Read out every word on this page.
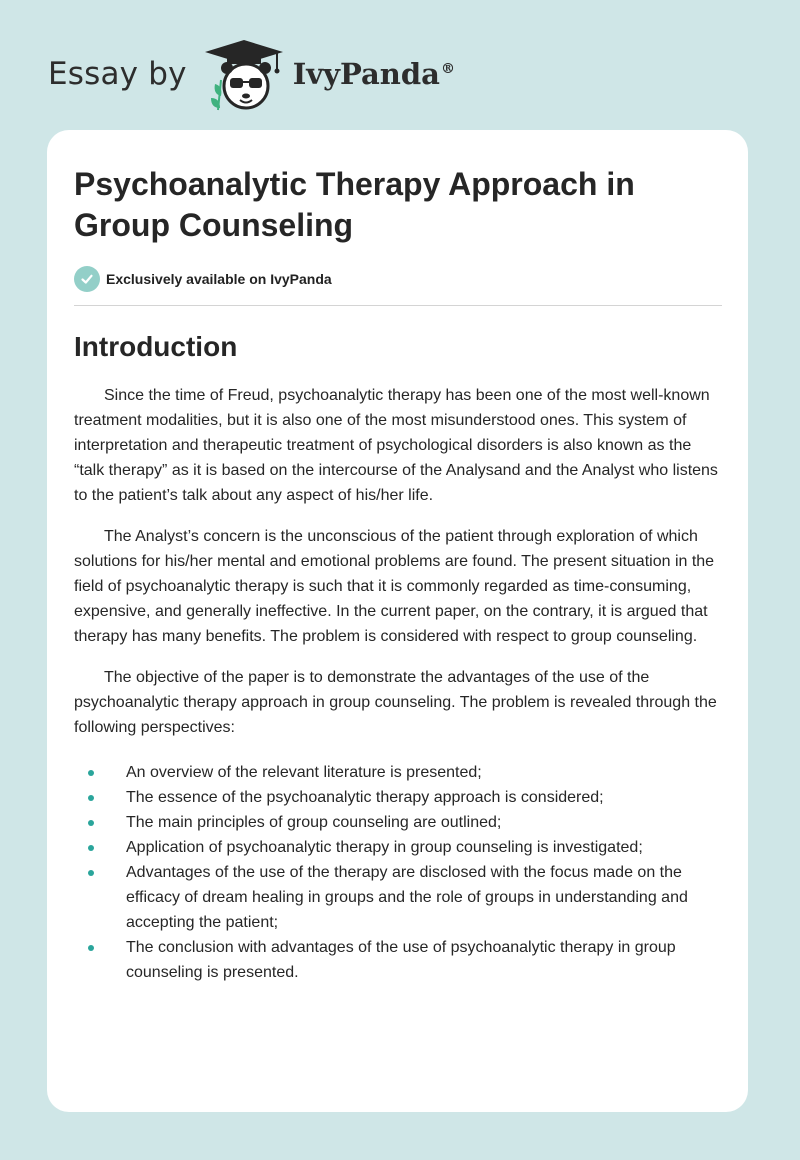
Essay by	IvyPanda®
Psychoanalytic Therapy Approach in Group Counseling
Exclusively available on IvyPanda
Introduction

Since the time of Freud, psychoanalytic therapy has been one of the most well-known treatment modalities, but it is also one of the most misunderstood ones. This system of interpretation and therapeutic treatment of psychological disorders is also known as the “talk therapy” as it is based on the intercourse of the Analysand and the Analyst who listens to the patient’s talk about any aspect of his/her life.

The Analyst’s concern is the unconscious of the patient through exploration of which solutions for his/her mental and emotional problems are found. The present situation in the field of psychoanalytic therapy is such that it is commonly regarded as time-consuming, expensive, and generally ineffective. In the current paper, on the contrary, it is argued that therapy has many benefits. The problem is considered with respect to group counseling.

The objective of the paper is to demonstrate the advantages of the use of the psychoanalytic therapy approach in group counseling. The problem is revealed through the following perspectives:

An overview of the relevant literature is presented;
The essence of the psychoanalytic therapy approach is considered;
The main principles of group counseling are outlined;
Application of psychoanalytic therapy in group counseling is investigated;
Advantages of the use of the therapy are disclosed with the focus made on the efficacy of dream healing in groups and the role of groups in understanding and accepting the patient;
The conclusion with advantages of the use of psychoanalytic therapy in group counseling is presented.
